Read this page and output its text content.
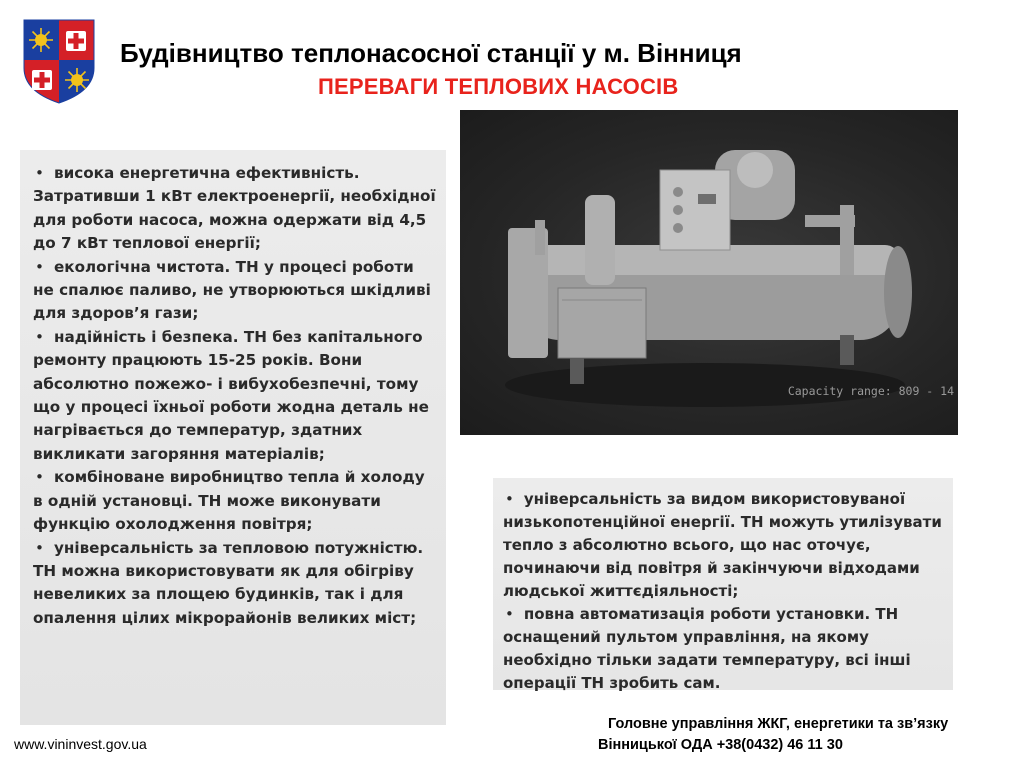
Будівництво теплонасосної станції у м. Вінниця
ПЕРЕВАГИ ТЕПЛОВИХ НАСОСІВ
• висока енергетична ефективність. Затративши 1 кВт електроенергії, необхідної для роботи насоса, можна одержати від 4,5 до 7 кВт теплової енергії;
• екологічна чистота. ТН у процесі роботи не спалює паливо, не утворюються шкідливі для здоров’я гази;
• надійність і безпека. ТН без капітального ремонту працюють 15-25 років. Вони абсолютно пожежо- і вибухобезпечні, тому що у процесі їхньої роботи жодна деталь не нагрівається до температур, здатних викликати загоряння матеріалів;
• комбіноване виробництво тепла й холоду в одній установці. ТН може виконувати функцію охолодження повітря;
• універсальність за тепловою потужністю. ТН можна використовувати як для обігріву невеликих за площею будинків, так і для опалення цілих мікрорайонів великих міст;
Capacity range: 809 - 14
• універсальність за видом використовуваної низькопотенційної енергії. ТН можуть утилізувати тепло з абсолютно всього, що нас оточує, починаючи від повітря й закінчуючи відходами людської життєдіяльності;
• повна автоматизація роботи установки. ТН оснащений пультом управління, на якому необхідно тільки задати температуру, всі інші операції ТН зробить сам.
www.vininvest.gov.ua
Головне управління ЖКГ, енергетики та зв’язку
Вінницької ОДА +38(0432) 46 11 30
